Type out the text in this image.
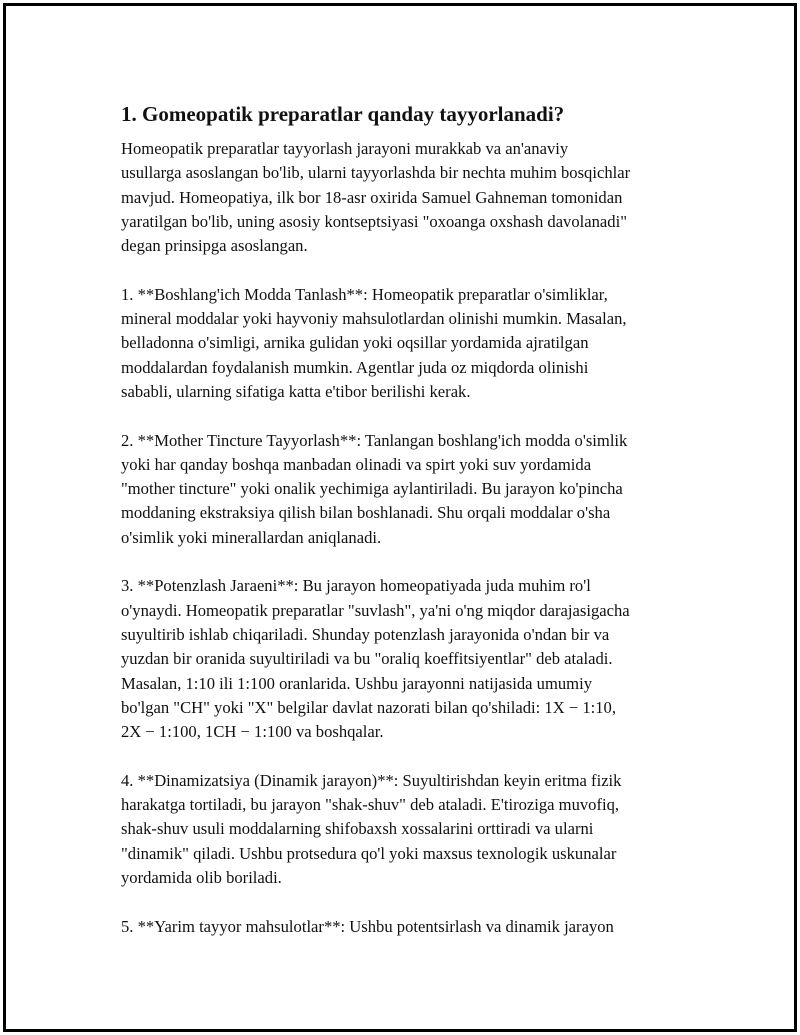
1. Gomeopatik preparatlar qanday tayyorlanadi?
Homeopatik preparatlar tayyorlash jarayoni murakkab va an'anaviy
usullarga asoslangan bo'lib, ularni tayyorlashda bir nechta muhim bosqichlar
mavjud. Homeopatiya, ilk bor 18-asr oxirida Samuel Gahneman tomonidan
yaratilgan bo'lib, uning asosiy kontseptsiyasi "oxoanga oxshash davolanadi"
degan prinsipga asoslangan.
1. **Boshlang'ich Modda Tanlash**: Homeopatik preparatlar o'simliklar,
mineral moddalar yoki hayvoniy mahsulotlardan olinishi mumkin. Masalan,
belladonna o'simligi, arnika gulidan yoki oqsillar yordamida ajratilgan
moddalardan foydalanish mumkin. Agentlar juda oz miqdorda olinishi
sababli, ularning sifatiga katta e'tibor berilishi kerak.
2. **Mother Tincture Tayyorlash**: Tanlangan boshlang'ich modda o'simlik
yoki har qanday boshqa manbadan olinadi va spirt yoki suv yordamida
"mother tincture" yoki onalik yechimiga aylantiriladi. Bu jarayon ko'pincha
moddaning ekstraksiya qilish bilan boshlanadi. Shu orqali moddalar o'sha
o'simlik yoki minerallardan aniqlanadi.
3. **Potenzlash Jaraeni**: Bu jarayon homeopatiyada juda muhim ro'l
o'ynaydi. Homeopatik preparatlar "suvlash", ya'ni o'ng miqdor darajasigacha
suyultirib ishlab chiqariladi. Shunday potenzlash jarayonida o'ndan bir va
yuzdan bir oranida suyultiriladi va bu "oraliq koeffitsiyentlar" deb ataladi.
Masalan, 1:10 ili 1:100 oranlarida. Ushbu jarayonni natijasida umumiy
bo'lgan "CH" yoki "X" belgilar davlat nazorati bilan qo'shiladi: 1X − 1:10,
2X − 1:100, 1CH − 1:100 va boshqalar.
4. **Dinamizatsiya (Dinamik jarayon)**: Suyultirishdan keyin eritma fizik
harakatga tortiladi, bu jarayon "shak-shuv" deb ataladi. E'tiroziga muvofiq,
shak-shuv usuli moddalarning shifobaxsh xossalarini orttiradi va ularni
"dinamik" qiladi. Ushbu protsedura qo'l yoki maxsus texnologik uskunalar
yordamida olib boriladi.
5. **Yarim tayyor mahsulotlar**: Ushbu potentsirlash va dinamik jarayon
